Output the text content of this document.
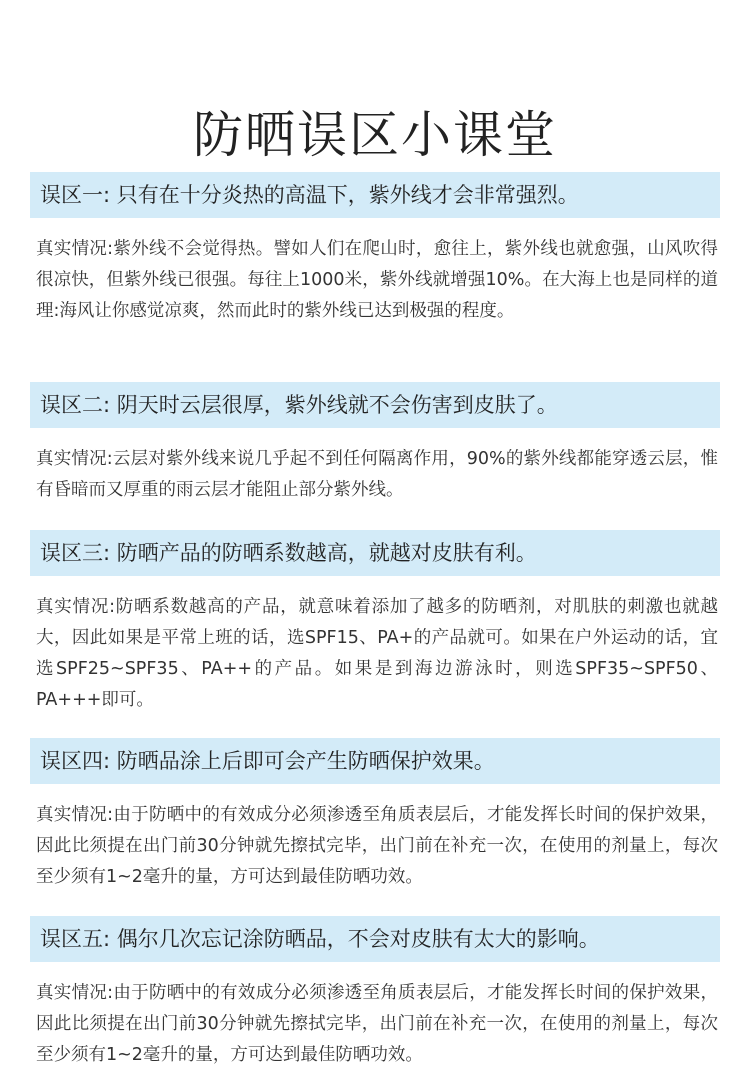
防晒误区小课堂
误区一: 只有在十分炎热的高温下，紫外线才会非常强烈。
真实情况:紫外线不会觉得热。譬如人们在爬山时，愈往上，紫外线也就愈强，山风吹得很凉快，但紫外线已很强。每往上1000米，紫外线就增强10%。在大海上也是同样的道理:海风让你感觉凉爽，然而此时的紫外线已达到极强的程度。
误区二: 阴天时云层很厚，紫外线就不会伤害到皮肤了。
真实情况:云层对紫外线来说几乎起不到任何隔离作用，90%的紫外线都能穿透云层，惟有昏暗而又厚重的雨云层才能阻止部分紫外线。
误区三: 防晒产品的防晒系数越高，就越对皮肤有利。
真实情况:防晒系数越高的产品，就意味着添加了越多的防晒剂，对肌肤的刺激也就越大，因此如果是平常上班的话，选SPF15、PA+的产品就可。如果在户外运动的话，宜选SPF25~SPF35、PA++的产品。如果是到海边游泳时，则选SPF35~SPF50、PA+++即可。
误区四: 防晒品涂上后即可会产生防晒保护效果。
真实情况:由于防晒中的有效成分必须渗透至角质表层后，才能发挥长时间的保护效果，因此比须提在出门前30分钟就先擦拭完毕，出门前在补充一次，在使用的剂量上，每次至少须有1~2毫升的量，方可达到最佳防晒功效。
误区五: 偶尔几次忘记涂防晒品，不会对皮肤有太大的影响。
真实情况:由于防晒中的有效成分必须渗透至角质表层后，才能发挥长时间的保护效果，因此比须提在出门前30分钟就先擦拭完毕，出门前在补充一次，在使用的剂量上，每次至少须有1~2毫升的量，方可达到最佳防晒功效。
